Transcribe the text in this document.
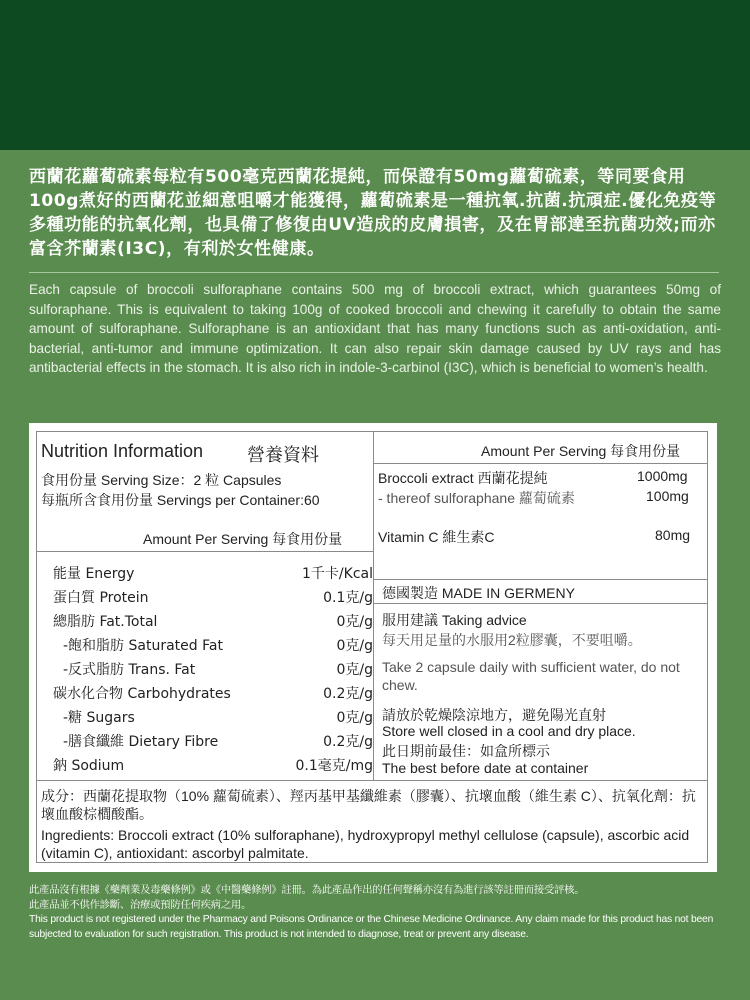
西蘭花蘿蔔硫素每粒有500毫克西蘭花提純，而保證有50mg蘿蔔硫素，等同要食用100g煮好的西蘭花並細意咀嚼才能獲得，蘿蔔硫素是一種抗氧.抗菌.抗頑症.優化免疫等多種功能的抗氧化劑，也具備了修復由UV造成的皮膚損害，及在胃部達至抗菌功效;而亦富含芥蘭素(I3C)，有利於女性健康。

Each capsule of broccoli sulforaphane contains 500 mg of broccoli extract, which guarantees 50mg of sulforaphane. This is equivalent to taking 100g of cooked broccoli and chewing it carefully to obtain the same amount of sulforaphane. Sulforaphane is an antioxidant that has many functions such as anti-oxidation, anti-bacterial, anti-tumor and immune optimization. It can also repair skin damage caused by UV rays and has antibacterial effects in the stomach. It is also rich in indole-3-carbinol (I3C), which is beneficial to women’s health.

Nutrition Information 營養資料
食用份量 Serving Size：2 粒 Capsules
每瓶所含食用份量 Servings per Container:60
Amount Per Serving 每食用份量
能量 Energy	1千卡/Kcal
蛋白質 Protein	0.1克/g
總脂肪 Fat.Total	0克/g
-飽和脂肪 Saturated Fat	0克/g
-反式脂肪 Trans. Fat	0克/g
碳水化合物 Carbohydrates	0.2克/g
-糖 Sugars	0克/g
-膳食纖維 Dietary Fibre	0.2克/g
鈉 Sodium	0.1毫克/mg
Amount Per Serving 每食用份量
Broccoli extract 西蘭花提純	1000mg
- thereof sulforaphane 蘿蔔硫素	100mg
Vitamin C 維生素C	80mg
德國製造 MADE IN GERMENY
服用建議 Taking advice
每天用足量的水服用2粒膠囊，不要咀嚼。
Take 2 capsule daily with sufficient water, do not chew.
請放於乾燥陰涼地方，避免陽光直射
Store well closed in a cool and dry place.
此日期前最佳：如盒所標示
The best before date at container
成分：西蘭花提取物（10% 蘿蔔硫素）、羥丙基甲基纖維素（膠囊）、抗壞血酸（維生素 C）、抗氧化劑：抗壞血酸棕櫚酸酯。
Ingredients: Broccoli extract (10% sulforaphane), hydroxypropyl methyl cellulose (capsule), ascorbic acid (vitamin C), antioxidant: ascorbyl palmitate.
此產品沒有根據《藥劑業及毒藥條例》或《中醫藥條例》註冊。為此產品作出的任何聲稱亦沒有為進行該等註冊而接受評核。
此產品並不供作診斷、治療或預防任何疾病之用。
This product is not registered under the Pharmacy and Poisons Ordinance or the Chinese Medicine Ordinance. Any claim made for this product has not been subjected to evaluation for such registration. This product is not intended to diagnose, treat or prevent any disease.
